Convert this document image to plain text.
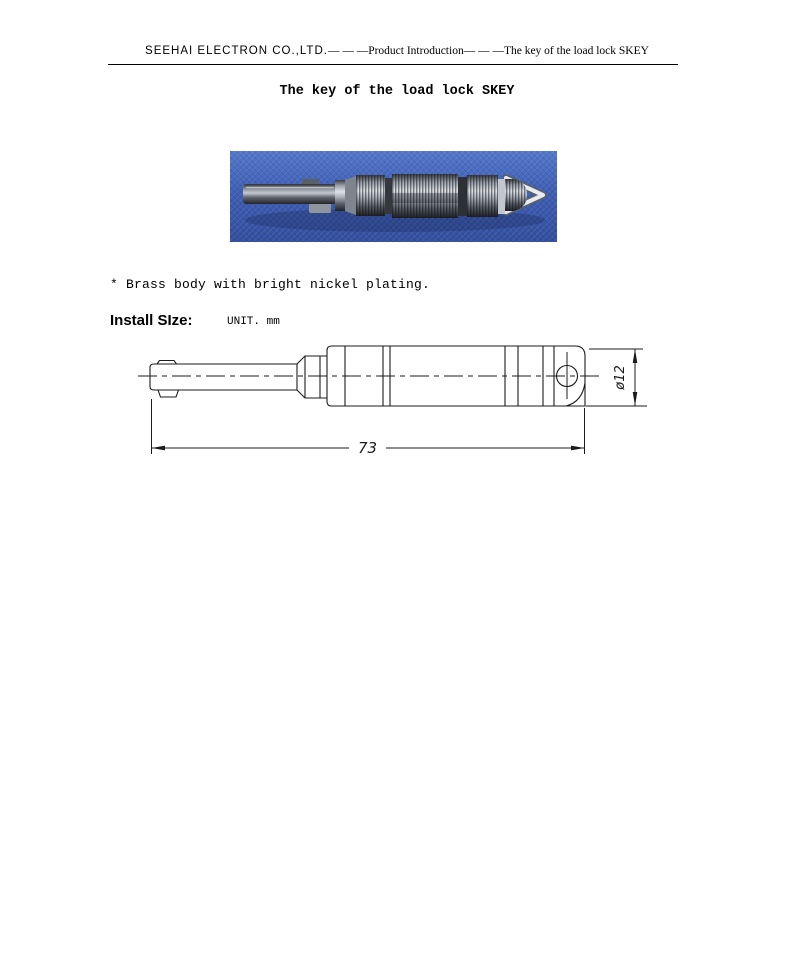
SEEHAI ELECTRON CO.,LTD. — — —Product Introduction— — — The key of the load lock SKEY
The key of the load lock SKEY
* Brass body with bright nickel plating.
Install SIze:	UNIT. mm
73
ø12
